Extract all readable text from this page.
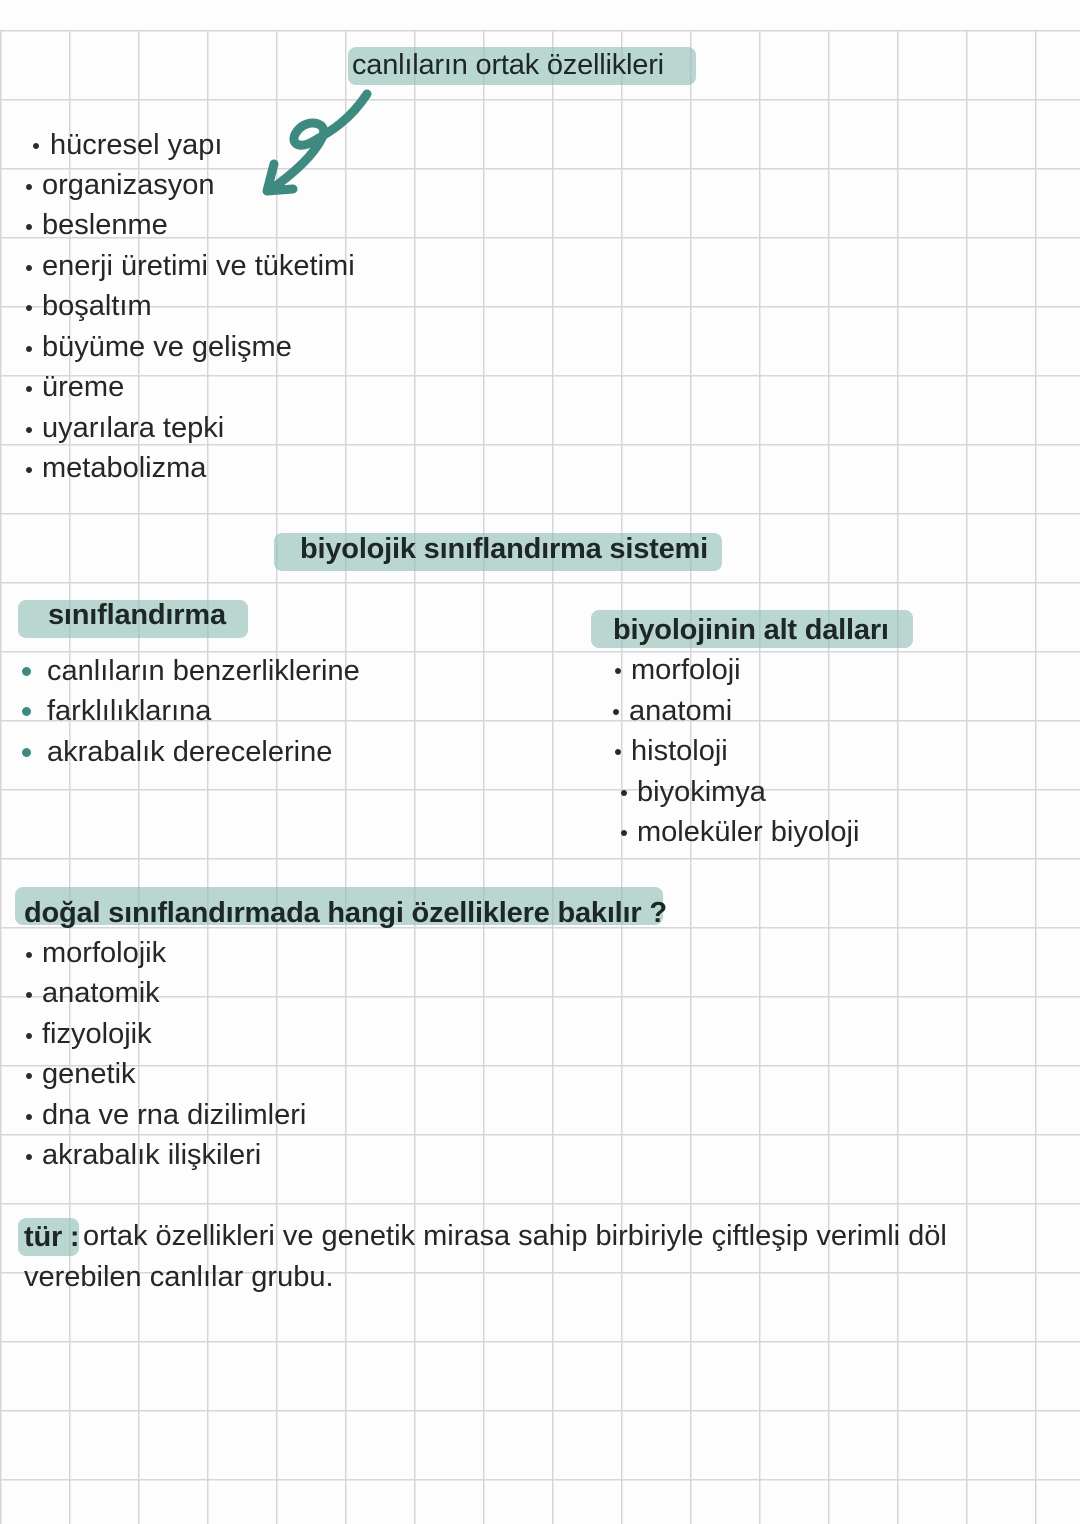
canlıların ortak özellikleri
hücresel yapı
organizasyon
beslenme
enerji üretimi ve tüketimi
boşaltım
büyüme ve gelişme
üreme
uyarılara tepki
metabolizma
biyolojik sınıflandırma sistemi
sınıflandırma
canlıların benzerliklerine
farklılıklarına
akrabalık derecelerine
biyolojinin alt dalları
morfoloji
anatomi
histoloji
biyokimya
moleküler biyoloji
doğal sınıflandırmada hangi özelliklere bakılır ?
morfolojik
anatomik
fizyolojik
genetik
dna ve rna dizilimleri
akrabalık ilişkileri
tür : ortak özellikleri ve genetik mirasa sahip birbiriyle çiftleşip verimli döl
verebilen canlılar grubu.
